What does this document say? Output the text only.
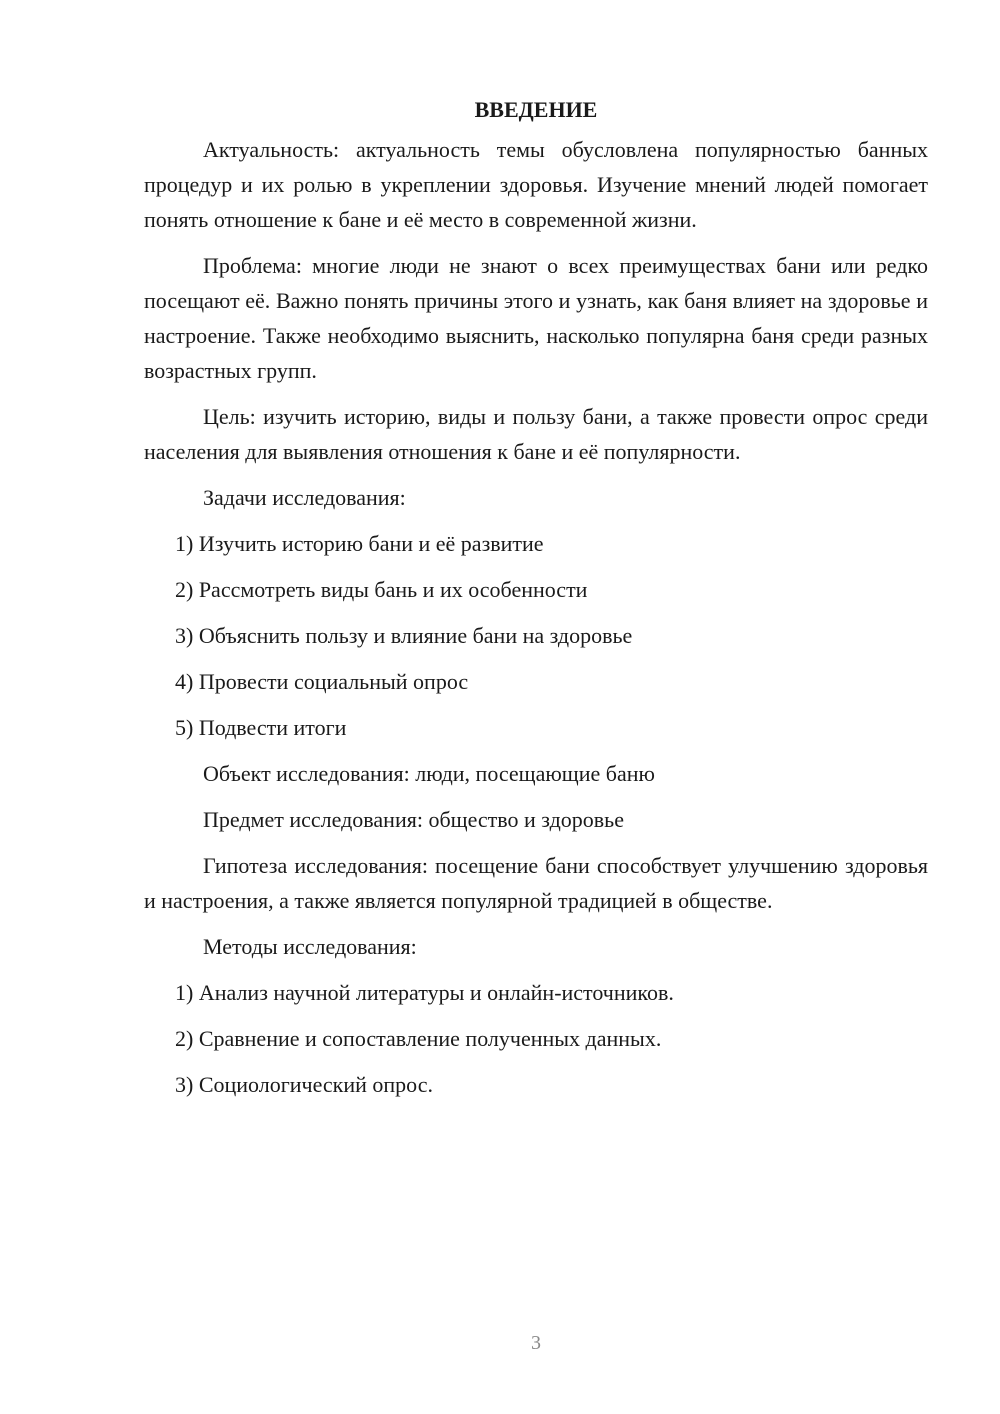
ВВЕДЕНИЕ

Актуальность: актуальность темы обусловлена популярностью банных процедур и их ролью в укреплении здоровья. Изучение мнений людей помогает понять отношение к бане и её место в современной жизни.

Проблема: многие люди не знают о всех преимуществах бани или редко посещают её. Важно понять причины этого и узнать, как баня влияет на здоровье и настроение. Также необходимо выяснить, насколько популярна баня среди разных возрастных групп.

Цель: изучить историю, виды и пользу бани, а также провести опрос среди населения для выявления отношения к бане и её популярности.

Задачи исследования:
1) Изучить историю бани и её развитие
2) Рассмотреть виды бань и их особенности
3) Объяснить пользу и влияние бани на здоровье
4) Провести социальный опрос
5) Подвести итоги
Объект исследования: люди, посещающие баню
Предмет исследования: общество и здоровье

Гипотеза исследования: посещение бани способствует улучшению здоровья и настроения, а также является популярной традицией в обществе.

Методы исследования:
1) Анализ научной литературы и онлайн-источников.
2) Сравнение и сопоставление полученных данных.
3) Социологический опрос.
3
